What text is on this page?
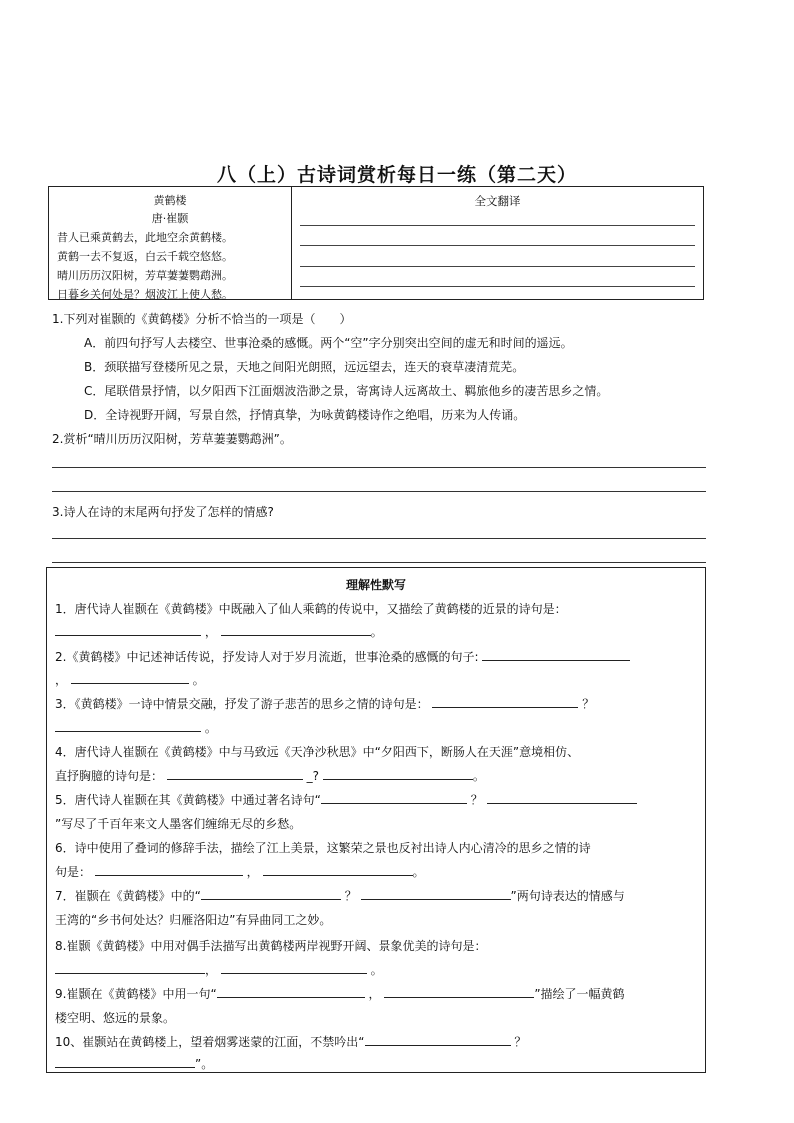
八（上）古诗词赏析每日一练（第二天）
黄鹤楼
唐·崔颢
昔人已乘黄鹤去，此地空余黄鹤楼。
黄鹤一去不复返，白云千载空悠悠。
晴川历历汉阳树，芳草萋萋鹦鹉洲。
日暮乡关何处是？烟波江上使人愁。
全文翻译
1.下列对崔颢的《黄鹤楼》分析不恰当的一项是（　　）
A．前四句抒写人去楼空、世事沧桑的感慨。两个“空”字分别突出空间的虚无和时间的遥远。
B．颈联描写登楼所见之景，天地之间阳光朗照，远远望去，连天的衰草凄清荒芜。
C．尾联借景抒情，以夕阳西下江面烟波浩渺之景，寄寓诗人远离故土、羁旅他乡的凄苦思乡之情。
D．全诗视野开阔，写景自然，抒情真挚，为咏黄鹤楼诗作之绝唱，历来为人传诵。
2.赏析“晴川历历汉阳树，芳草萋萋鹦鹉洲”。
3.诗人在诗的末尾两句抒发了怎样的情感?
理解性默写
1．唐代诗人崔颢在《黄鹤楼》中既融入了仙人乘鹤的传说中，又描绘了黄鹤楼的近景的诗句是：
，	。
2.《黄鹤楼》中记述神话传说，抒发诗人对于岁月流逝，世事沧桑的感慨的句子:
，	。
3．《黄鹤楼》一诗中情景交融，抒发了游子悲苦的思乡之情的诗句是：	？
。
4．唐代诗人崔颢在《黄鹤楼》中与马致远《天净沙秋思》中“夕阳西下，断肠人在天涯”意境相仿、
直抒胸臆的诗句是：	_?	。
5．唐代诗人崔颢在其《黄鹤楼》中通过著名诗句“	？
”写尽了千百年来文人墨客们缠绵无尽的乡愁。
6．诗中使用了叠词的修辞手法，描绘了江上美景，这繁荣之景也反衬出诗人内心清冷的思乡之情的诗
句是：	，	。
7．崔颢在《黄鹤楼》中的“	？	”两句诗表达的情感与
王湾的“乡书何处达？归雁洛阳边”有异曲同工之妙。
8.崔颢《黄鹤楼》中用对偶手法描写出黄鹤楼两岸视野开阔、景象优美的诗句是：
，	。
9.崔颢在《黄鹤楼》中用一句“	，	”描绘了一幅黄鹤
楼空明、悠远的景象。
10、崔颢站在黄鹤楼上，望着烟雾迷蒙的江面，不禁吟出“	？
”。
